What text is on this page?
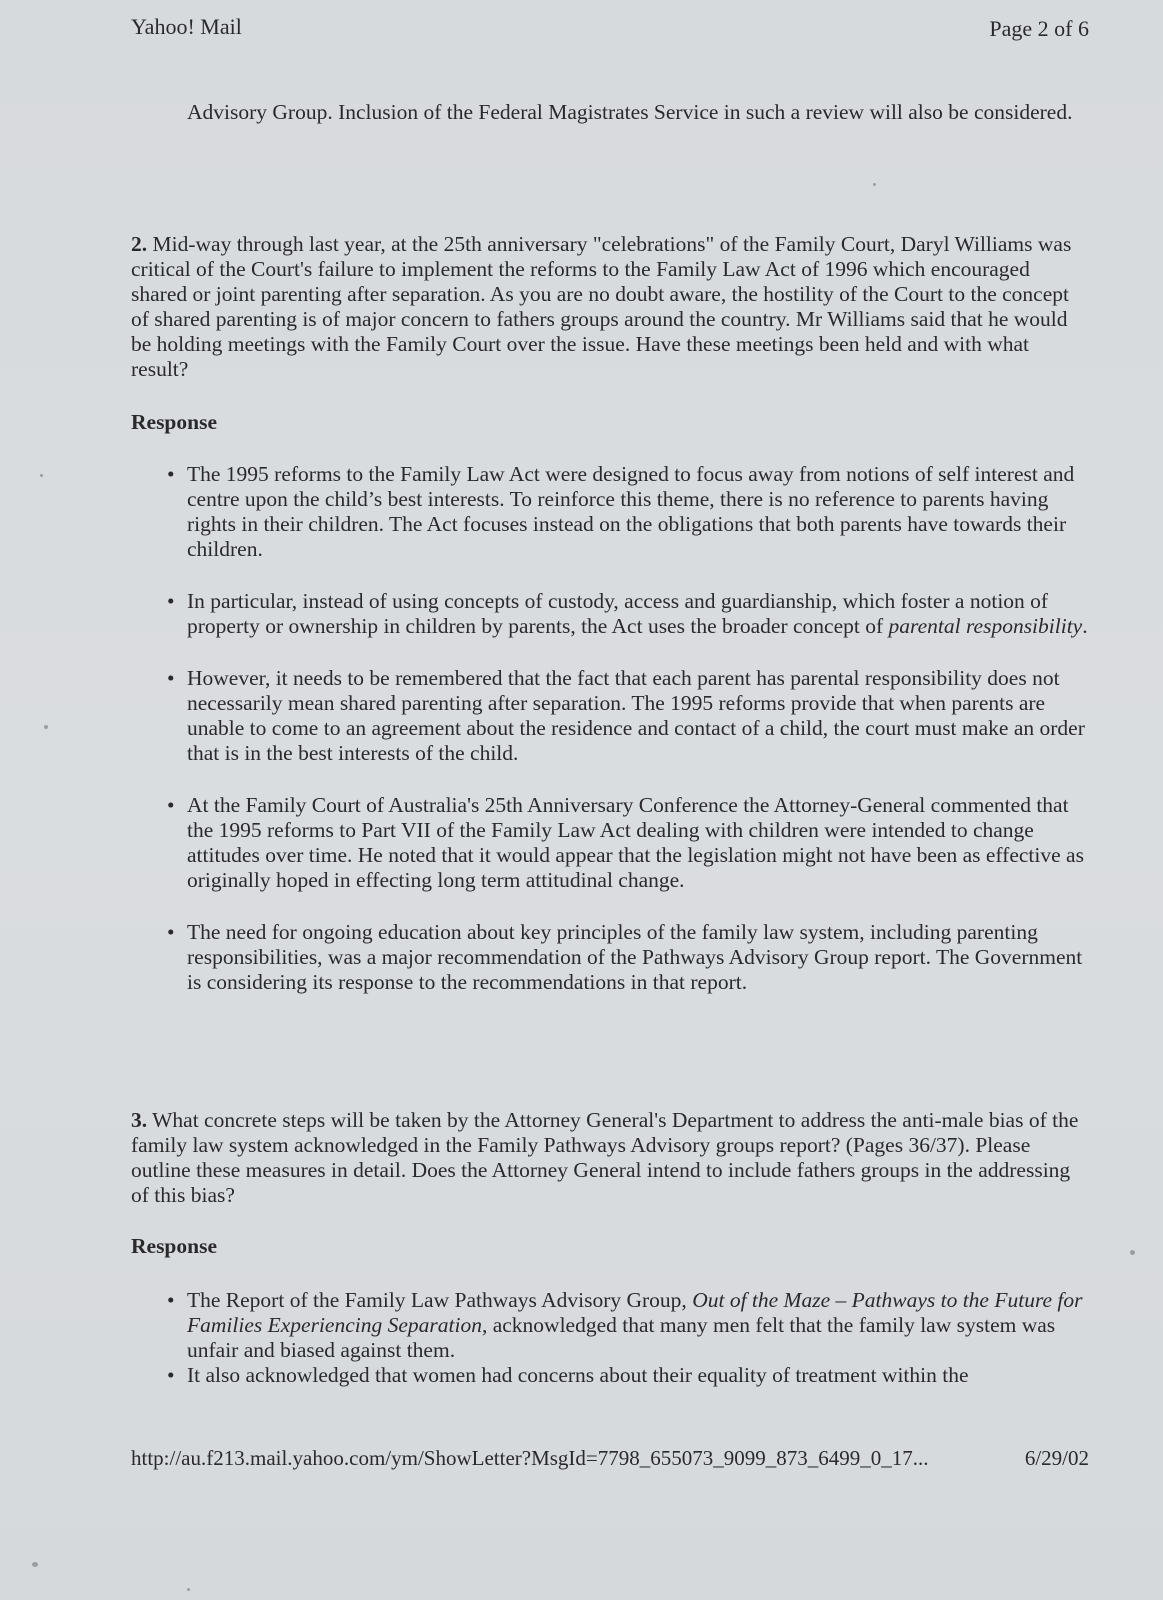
Yahoo! Mail	Page 2 of 6

Advisory Group. Inclusion of the Federal Magistrates Service in such a review will also be considered.

2. Mid-way through last year, at the 25th anniversary "celebrations" of the Family Court, Daryl Williams was critical of the Court's failure to implement the reforms to the Family Law Act of 1996 which encouraged shared or joint parenting after separation. As you are no doubt aware, the hostility of the Court to the concept of shared parenting is of major concern to fathers groups around the country. Mr Williams said that he would be holding meetings with the Family Court over the issue. Have these meetings been held and with what result?

Response

• The 1995 reforms to the Family Law Act were designed to focus away from notions of self interest and centre upon the child’s best interests. To reinforce this theme, there is no reference to parents having rights in their children. The Act focuses instead on the obligations that both parents have towards their children.
• In particular, instead of using concepts of custody, access and guardianship, which foster a notion of property or ownership in children by parents, the Act uses the broader concept of parental responsibility.
• However, it needs to be remembered that the fact that each parent has parental responsibility does not necessarily mean shared parenting after separation. The 1995 reforms provide that when parents are unable to come to an agreement about the residence and contact of a child, the court must make an order that is in the best interests of the child.
• At the Family Court of Australia's 25th Anniversary Conference the Attorney-General commented that the 1995 reforms to Part VII of the Family Law Act dealing with children were intended to change attitudes over time. He noted that it would appear that the legislation might not have been as effective as originally hoped in effecting long term attitudinal change.
• The need for ongoing education about key principles of the family law system, including parenting responsibilities, was a major recommendation of the Pathways Advisory Group report. The Government is considering its response to the recommendations in that report.

3. What concrete steps will be taken by the Attorney General's Department to address the anti-male bias of the family law system acknowledged in the Family Pathways Advisory groups report? (Pages 36/37). Please outline these measures in detail. Does the Attorney General intend to include fathers groups in the addressing of this bias?

Response

• The Report of the Family Law Pathways Advisory Group, Out of the Maze – Pathways to the Future for Families Experiencing Separation, acknowledged that many men felt that the family law system was unfair and biased against them.
• It also acknowledged that women had concerns about their equality of treatment within the
http://au.f213.mail.yahoo.com/ym/ShowLetter?MsgId=7798_655073_9099_873_6499_0_17...	6/29/02
